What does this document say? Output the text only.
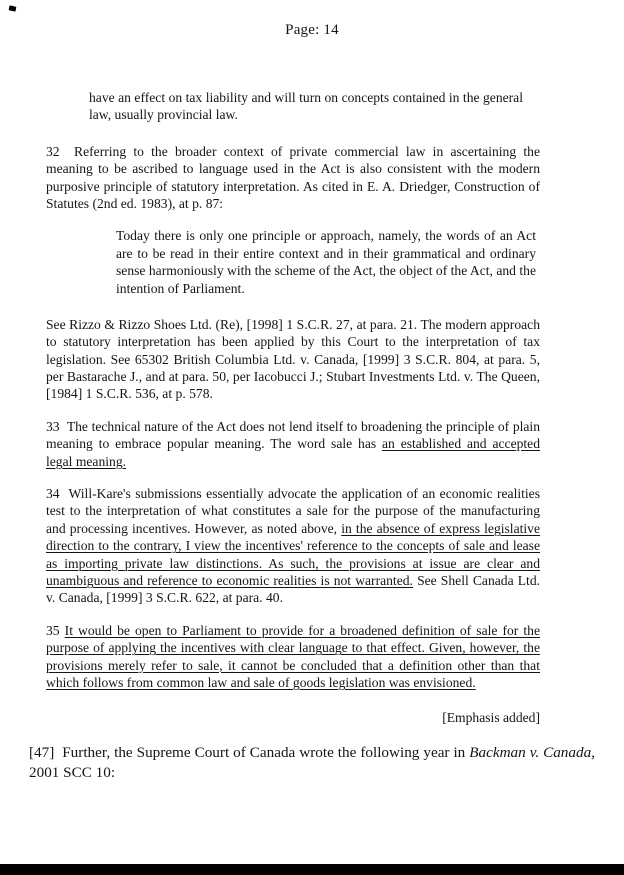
Page: 14

have an effect on tax liability and will turn on concepts contained in the general law, usually provincial law.

32  Referring to the broader context of private commercial law in ascertaining the meaning to be ascribed to language used in the Act is also consistent with the modern purposive principle of statutory interpretation. As cited in E. A. Driedger, Construction of Statutes (2nd ed. 1983), at p. 87:

Today there is only one principle or approach, namely, the words of an Act are to be read in their entire context and in their grammatical and ordinary sense harmoniously with the scheme of the Act, the object of the Act, and the intention of Parliament.

See Rizzo & Rizzo Shoes Ltd. (Re), [1998] 1 S.C.R. 27, at para. 21. The modern approach to statutory interpretation has been applied by this Court to the interpretation of tax legislation. See 65302 British Columbia Ltd. v. Canada, [1999] 3 S.C.R. 804, at para. 5, per Bastarache J., and at para. 50, per Iacobucci J.; Stubart Investments Ltd. v. The Queen, [1984] 1 S.C.R. 536, at p. 578.

33  The technical nature of the Act does not lend itself to broadening the principle of plain meaning to embrace popular meaning. The word sale has an established and accepted legal meaning.

34  Will-Kare's submissions essentially advocate the application of an economic realities test to the interpretation of what constitutes a sale for the purpose of the manufacturing and processing incentives. However, as noted above, in the absence of express legislative direction to the contrary, I view the incentives' reference to the concepts of sale and lease as importing private law distinctions. As such, the provisions at issue are clear and unambiguous and reference to economic realities is not warranted. See Shell Canada Ltd. v. Canada, [1999] 3 S.C.R. 622, at para. 40.

35 It would be open to Parliament to provide for a broadened definition of sale for the purpose of applying the incentives with clear language to that effect. Given, however, the provisions merely refer to sale, it cannot be concluded that a definition other than that which follows from common law and sale of goods legislation was envisioned.

[Emphasis added]

[47]  Further, the Supreme Court of Canada wrote the following year in Backman v. Canada, 2001 SCC 10:
